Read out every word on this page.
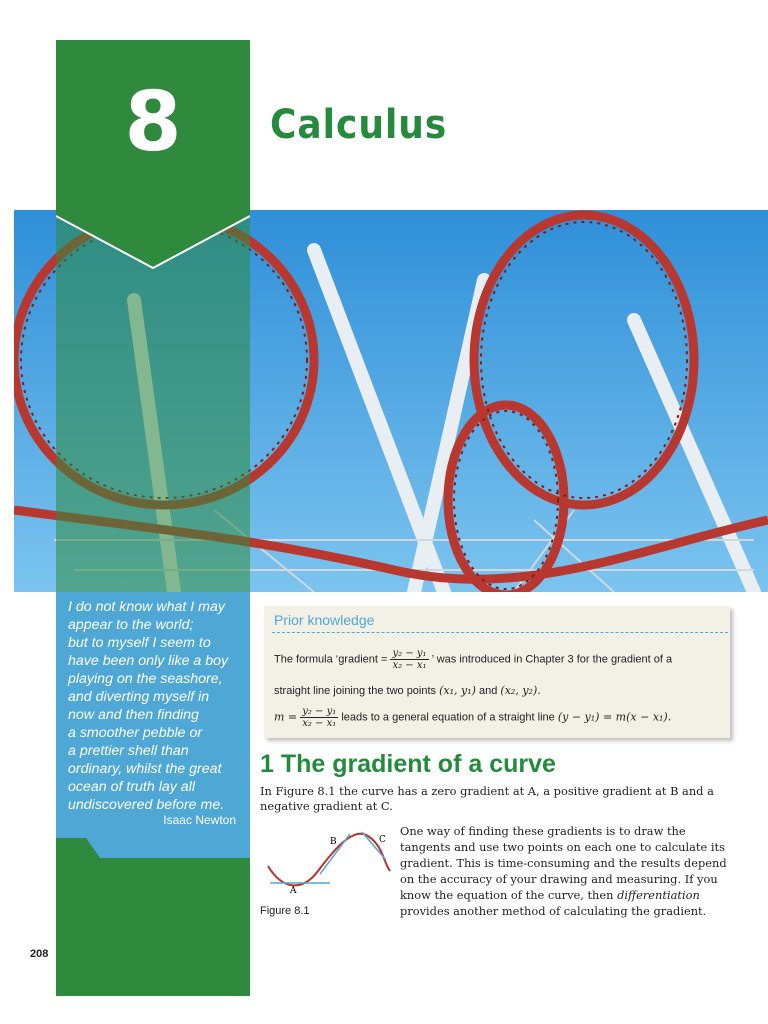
8	Calculus
I do not know what I may
appear to the world;
but to myself I seem to
have been only like a boy
playing on the seashore,
and diverting myself in
now and then finding
a smoother pebble or
a prettier shell than
ordinary, whilst the great
ocean of truth lay all
undiscovered before me.
Isaac Newton
208
Prior knowledge
The formula ‘gradient = $\frac{\text{y₂ − y₁}}{\text{x₂ − x₁}}$ ’ was introduced in Chapter 3 for the gradient of a
straight line joining the two points (x₁, y₁) and (x₂, y₂).
$m = \frac{\text{y₂ − y₁}}{\text{x₂ − x₁}}$ leads to a general equation of a straight line (y − y₁) = m(x − x₁).
1 The gradient of a curve
In Figure 8.1 the curve has a zero gradient at A, a positive gradient at B and a negative gradient at C.
One way of finding these gradients is to draw the tangents and use two points on each one to calculate its gradient. This is time-consuming and the results depend on the accuracy of your drawing and measuring. If you know the equation of the curve, then differentiation provides another method of calculating the gradient.
A
B	C
Figure 8.1
